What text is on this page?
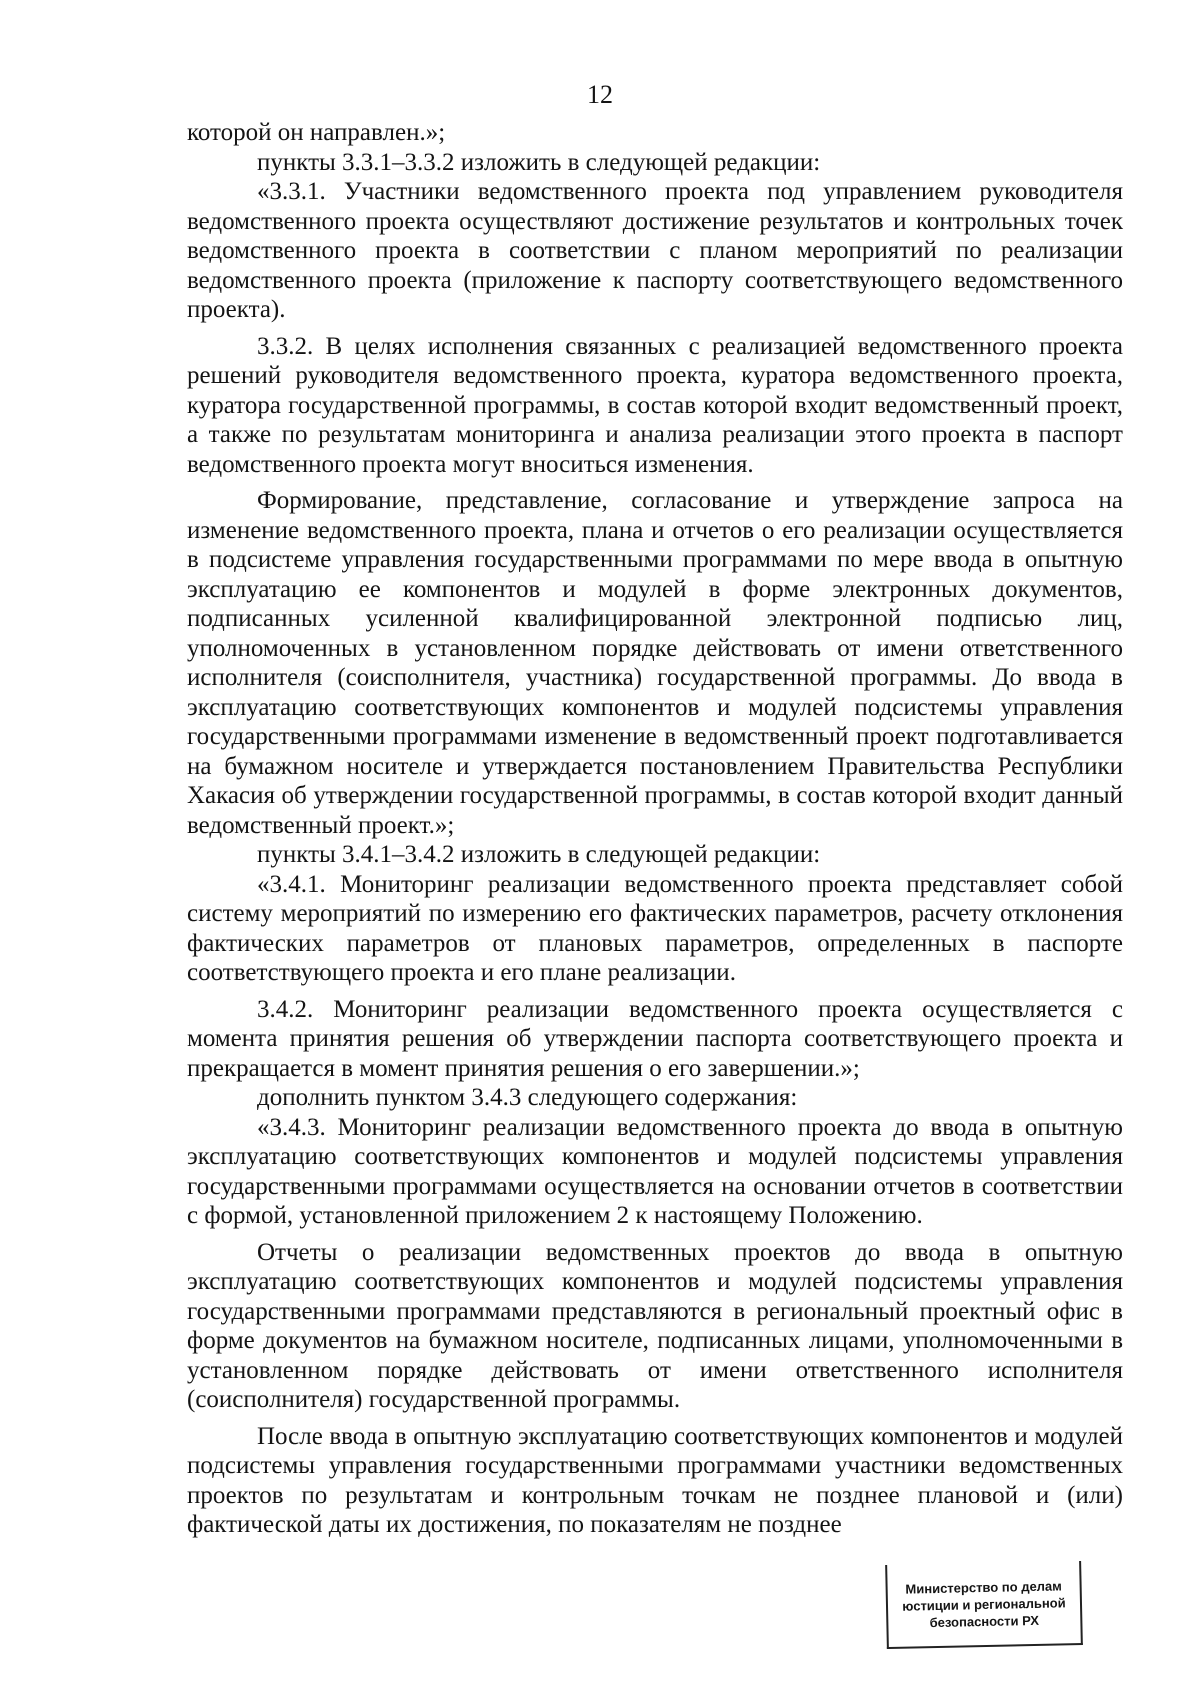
12

которой он направлен.»;

пункты 3.3.1–3.3.2 изложить в следующей редакции:

«3.3.1. Участники ведомственного проекта под управлением руководителя ведомственного проекта осуществляют достижение результатов и контрольных точек ведомственного проекта в соответствии с планом мероприятий по реализации ведомственного проекта (приложение к паспорту соответствующего ведомственного проекта).

3.3.2. В целях исполнения связанных с реализацией ведомственного проекта решений руководителя ведомственного проекта, куратора ведомственного проекта, куратора государственной программы, в состав которой входит ведомственный проект, а также по результатам мониторинга и анализа реализации этого проекта в паспорт ведомственного проекта могут вноситься изменения.

Формирование, представление, согласование и утверждение запроса на изменение ведомственного проекта, плана и отчетов о его реализации осуществляется в подсистеме управления государственными программами по мере ввода в опытную эксплуатацию ее компонентов и модулей в форме электронных документов, подписанных усиленной квалифицированной электронной подписью лиц, уполномоченных в установленном порядке действовать от имени ответственного исполнителя (соисполнителя, участника) государственной программы. До ввода в эксплуатацию соответствующих компонентов и модулей подсистемы управления государственными программами изменение в ведомственный проект подготавливается на бумажном носителе и утверждается постановлением Правительства Республики Хакасия об утверждении государственной программы, в состав которой входит данный ведомственный проект.»;

пункты 3.4.1–3.4.2 изложить в следующей редакции:

«3.4.1. Мониторинг реализации ведомственного проекта представляет собой систему мероприятий по измерению его фактических параметров, расчету отклонения фактических параметров от плановых параметров, определенных в паспорте соответствующего проекта и его плане реализации.

3.4.2. Мониторинг реализации ведомственного проекта осуществляется с момента принятия решения об утверждении паспорта соответствующего проекта и прекращается в момент принятия решения о его завершении.»;

дополнить пунктом 3.4.3 следующего содержания:

«3.4.3. Мониторинг реализации ведомственного проекта до ввода в опытную эксплуатацию соответствующих компонентов и модулей подсистемы управления государственными программами осуществляется на основании отчетов в соответствии с формой, установленной приложением 2 к настоящему Положению.

Отчеты о реализации ведомственных проектов до ввода в опытную эксплуатацию соответствующих компонентов и модулей подсистемы управления государственными программами представляются в региональный проектный офис в форме документов на бумажном носителе, подписанных лицами, уполномоченными в установленном порядке действовать от имени ответственного исполнителя (соисполнителя) государственной программы.

После ввода в опытную эксплуатацию соответствующих компонентов и модулей подсистемы управления государственными программами участники ведомственных проектов по результатам и контрольным точкам не позднее плановой и (или) фактической даты их достижения, по показателям не позднее

Министерство по делам
юстиции и региональной
безопасности РХ
